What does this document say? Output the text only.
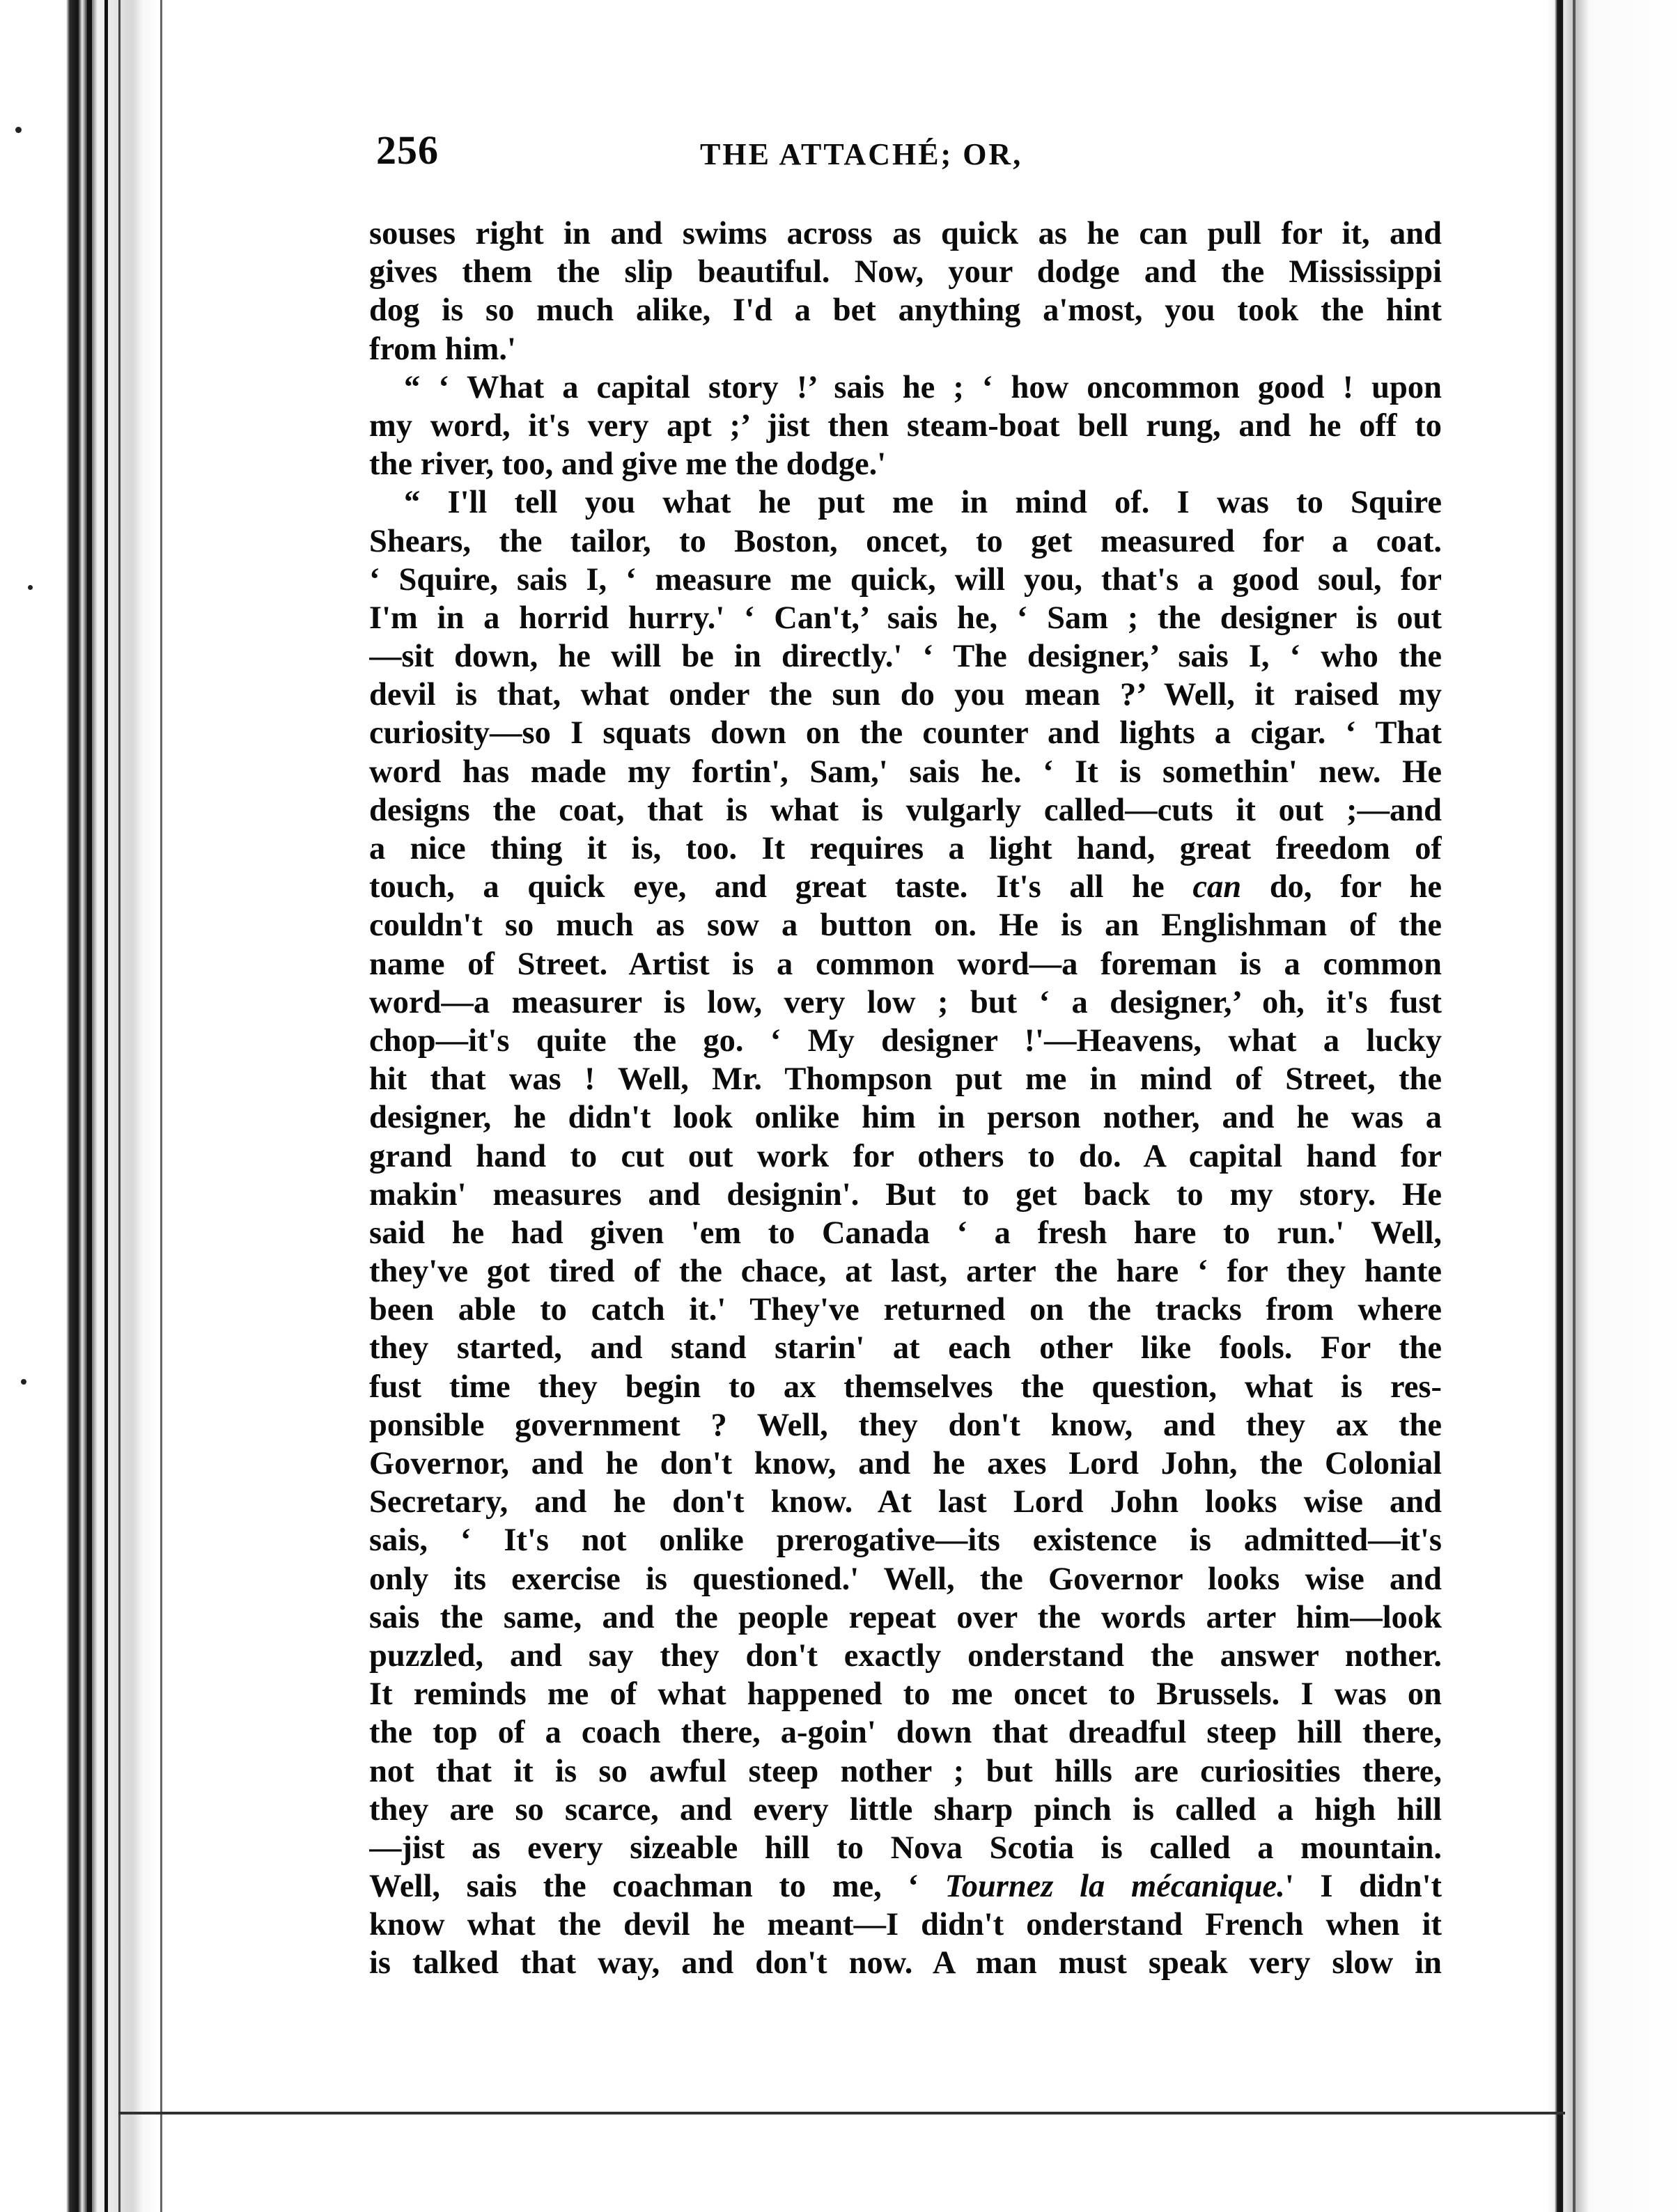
256	THE ATTACHÉ; OR,
souses right in and swims across as quick as he can pull for it, and
gives them the slip beautiful. Now, your dodge and the Mississippi
dog is so much alike, I'd a bet anything a'most, you took the hint
from him.'
“ ‘ What a capital story !’ sais he ; ‘ how oncommon good ! upon
my word, it's very apt ;’ jist then steam-boat bell rung, and he off to
the river, too, and give me the dodge.'
“ I'll tell you what he put me in mind of. I was to Squire
Shears, the tailor, to Boston, oncet, to get measured for a coat.
‘ Squire, sais I, ‘ measure me quick, will you, that's a good soul, for
I'm in a horrid hurry.' ‘ Can't,’ sais he, ‘ Sam ; the designer is out
—sit down, he will be in directly.' ‘ The designer,’ sais I, ‘ who the
devil is that, what onder the sun do you mean ?’ Well, it raised my
curiosity—so I squats down on the counter and lights a cigar. ‘ That
word has made my fortin', Sam,' sais he. ‘ It is somethin' new. He
designs the coat, that is what is vulgarly called—cuts it out ;—and
a nice thing it is, too. It requires a light hand, great freedom of
touch, a quick eye, and great taste. It's all he can do, for he
couldn't so much as sow a button on. He is an Englishman of the
name of Street. Artist is a common word—a foreman is a common
word—a measurer is low, very low ; but ‘ a designer,’ oh, it's fust
chop—it's quite the go. ‘ My designer !'—Heavens, what a lucky
hit that was ! Well, Mr. Thompson put me in mind of Street, the
designer, he didn't look onlike him in person nother, and he was a
grand hand to cut out work for others to do. A capital hand for
makin' measures and designin'. But to get back to my story. He
said he had given 'em to Canada ‘ a fresh hare to run.' Well,
they've got tired of the chace, at last, arter the hare ‘ for they hante
been able to catch it.' They've returned on the tracks from where
they started, and stand starin' at each other like fools. For the
fust time they begin to ax themselves the question, what is res-
ponsible government ? Well, they don't know, and they ax the
Governor, and he don't know, and he axes Lord John, the Colonial
Secretary, and he don't know. At last Lord John looks wise and
sais, ‘ It's not onlike prerogative—its existence is admitted—it's
only its exercise is questioned.' Well, the Governor looks wise and
sais the same, and the people repeat over the words arter him—look
puzzled, and say they don't exactly onderstand the answer nother.
It reminds me of what happened to me oncet to Brussels. I was on
the top of a coach there, a-goin' down that dreadful steep hill there,
not that it is so awful steep nother ; but hills are curiosities there,
they are so scarce, and every little sharp pinch is called a high hill
—jist as every sizeable hill to Nova Scotia is called a mountain.
Well, sais the coachman to me, ‘ Tournez la mécanique.' I didn't
know what the devil he meant—I didn't onderstand French when it
is talked that way, and don't now. A man must speak very slow in
